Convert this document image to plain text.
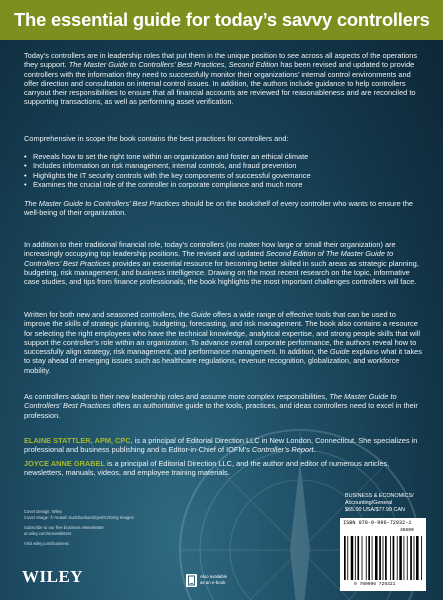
The essential guide for today’s savvy controllers
Today’s controllers are in leadership roles that put them in the unique position to see across all aspects of the operations they support. The Master Guide to Controllers’ Best Practices, Second Edition has been revised and updated to provide controllers with the information they need to successfully monitor their organizations’ internal control environments and offer direction and consultation on internal control issues. In addition, the authors include guidance to help controllers carryout their responsibilities to ensure that all financial accounts are reviewed for reasonableness and are reconciled to supporting transactions, as well as performing asset verification.
Comprehensive in scope the book contains the best practices for controllers and:
• Reveals how to set the right tone within an organization and foster an ethical climate
• Includes information on risk management, internal controls, and fraud prevention
• Highlights the IT security controls with the key components of successful governance
• Examines the crucial role of the controller in corporate compliance and much more
The Master Guide to Controllers’ Best Practices should be on the bookshelf of every controller who wants to ensure the well-being of their organization.
In addition to their traditional financial role, today’s controllers (no matter how large or small their organization) are increasingly occupying top leadership positions. The revised and updated Second Edition of The Master Guide to Controllers’ Best Practices provides an essential resource for becoming better skilled in such areas as strategic planning, budgeting, risk management, and business intelligence. Drawing on the most recent research on the topic, informative case studies, and tips from finance professionals, the book highlights the most important challenges controllers will face.
Written for both new and seasoned controllers, the Guide offers a wide range of effective tools that can be used to improve the skills of strategic planning, budgeting, forecasting, and risk management. The book also contains a resource for selecting the right employees who have the technical knowledge, analytical expertise, and strong people skills that will support the controller’s role within an organization. To advance overall corporate performance, the authors reveal how to successfully align strategy, risk management, and performance management. In addition, the Guide explains what it takes to stay ahead of emerging issues such as healthcare regulations, revenue recognition, globalization, and workforce mobility.
As controllers adapt to their new leadership roles and assume more complex responsibilities, The Master Guide to Controllers’ Best Practices offers an authoritative guide to the tools, practices, and ideas controllers need to excel in their profession.
ELAINE STATTLER, APM, CPC, is a principal of Editorial Direction LLC in New London, Connecticut. She specializes in professional and business publishing and is Editor-in-Chief of IOFM’s Controller’s Report.
JOYCE ANNE GRABEL is a principal of Editorial Direction LLC, and the author and editor of numerous articles, newsletters, manuals, videos, and employee training materials.
Cover Design: Wiley
Cover Image: © Anatoli Sudchanham/EyeEm/Getty Images
Subscribe to our free business eNewsletter
at wiley.com/enewsletters
Visit wiley.com/business
WILEY	Also available
as an e-book
BUSINESS & ECONOMICS/
Accounting/General
$65.00 USA/$77.99 CAN
ISBN 978-0-996-72932-1
36500
9 780996 729321
